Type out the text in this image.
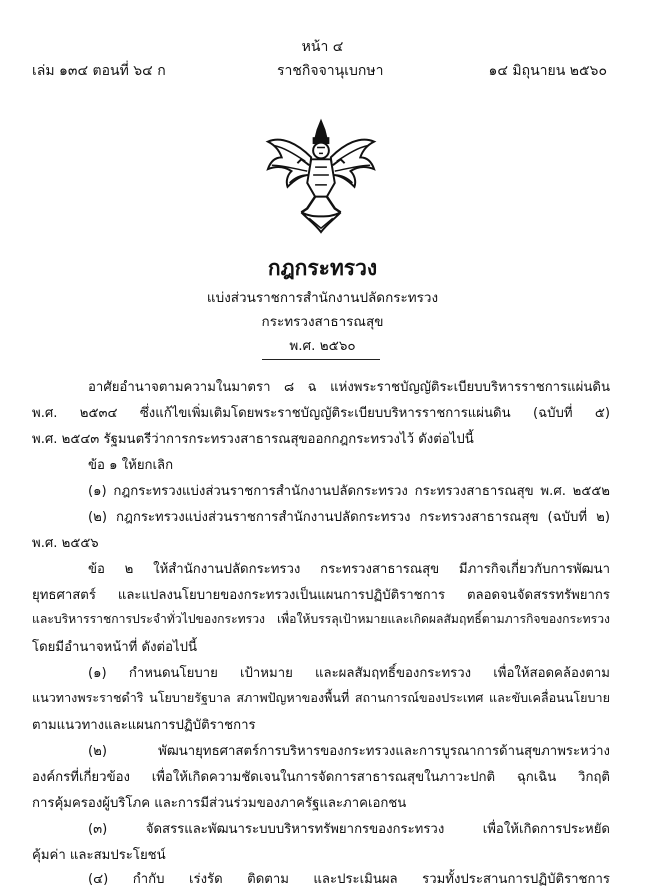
หน้า ๔
เล่ม ๑๓๔ ตอนที่ ๖๔ ก	ราชกิจจานุเบกษา	๑๔ มิถุนายน ๒๕๖๐
กฎกระทรวง
แบ่งส่วนราชการสำนักงานปลัดกระทรวง
กระทรวงสาธารณสุข
พ.ศ. ๒๕๖๐
อาศัยอำนาจตามความในมาตรา ๘ ฉ แห่งพระราชบัญญัติระเบียบบริหารราชการแผ่นดิน
พ.ศ. ๒๕๓๔ ซึ่งแก้ไขเพิ่มเติมโดยพระราชบัญญัติระเบียบบริหารราชการแผ่นดิน (ฉบับที่ ๕)
พ.ศ. ๒๕๔๓ รัฐมนตรีว่าการกระทรวงสาธารณสุขออกกฎกระทรวงไว้ ดังต่อไปนี้
ข้อ ๑ ให้ยกเลิก
(๑) กฎกระทรวงแบ่งส่วนราชการสำนักงานปลัดกระทรวง กระทรวงสาธารณสุข พ.ศ. ๒๕๕๒
(๒) กฎกระทรวงแบ่งส่วนราชการสำนักงานปลัดกระทรวง กระทรวงสาธารณสุข (ฉบับที่ ๒)
พ.ศ. ๒๕๕๖
ข้อ ๒ ให้สำนักงานปลัดกระทรวง กระทรวงสาธารณสุข มีภารกิจเกี่ยวกับการพัฒนา
ยุทธศาสตร์ และแปลงนโยบายของกระทรวงเป็นแผนการปฏิบัติราชการ ตลอดจนจัดสรรทรัพยากร
และบริหารราชการประจำทั่วไปของกระทรวง เพื่อให้บรรลุเป้าหมายและเกิดผลสัมฤทธิ์ตามภารกิจของกระทรวง
โดยมีอำนาจหน้าที่ ดังต่อไปนี้
(๑) กำหนดนโยบาย เป้าหมาย และผลสัมฤทธิ์ของกระทรวง เพื่อให้สอดคล้องตาม
แนวทางพระราชดำริ นโยบายรัฐบาล สภาพปัญหาของพื้นที่ สถานการณ์ของประเทศ และขับเคลื่อนนโยบาย
ตามแนวทางและแผนการปฏิบัติราชการ
(๒) พัฒนายุทธศาสตร์การบริหารของกระทรวงและการบูรณาการด้านสุขภาพระหว่าง
องค์กรที่เกี่ยวข้อง เพื่อให้เกิดความชัดเจนในการจัดการสาธารณสุขในภาวะปกติ ฉุกเฉิน วิกฤติ
การคุ้มครองผู้บริโภค และการมีส่วนร่วมของภาครัฐและภาคเอกชน
(๓) จัดสรรและพัฒนาระบบบริหารทรัพยากรของกระทรวง เพื่อให้เกิดการประหยัด
คุ้มค่า และสมประโยชน์
(๔) กำกับ เร่งรัด ติดตาม และประเมินผล รวมทั้งประสานการปฏิบัติราชการ
